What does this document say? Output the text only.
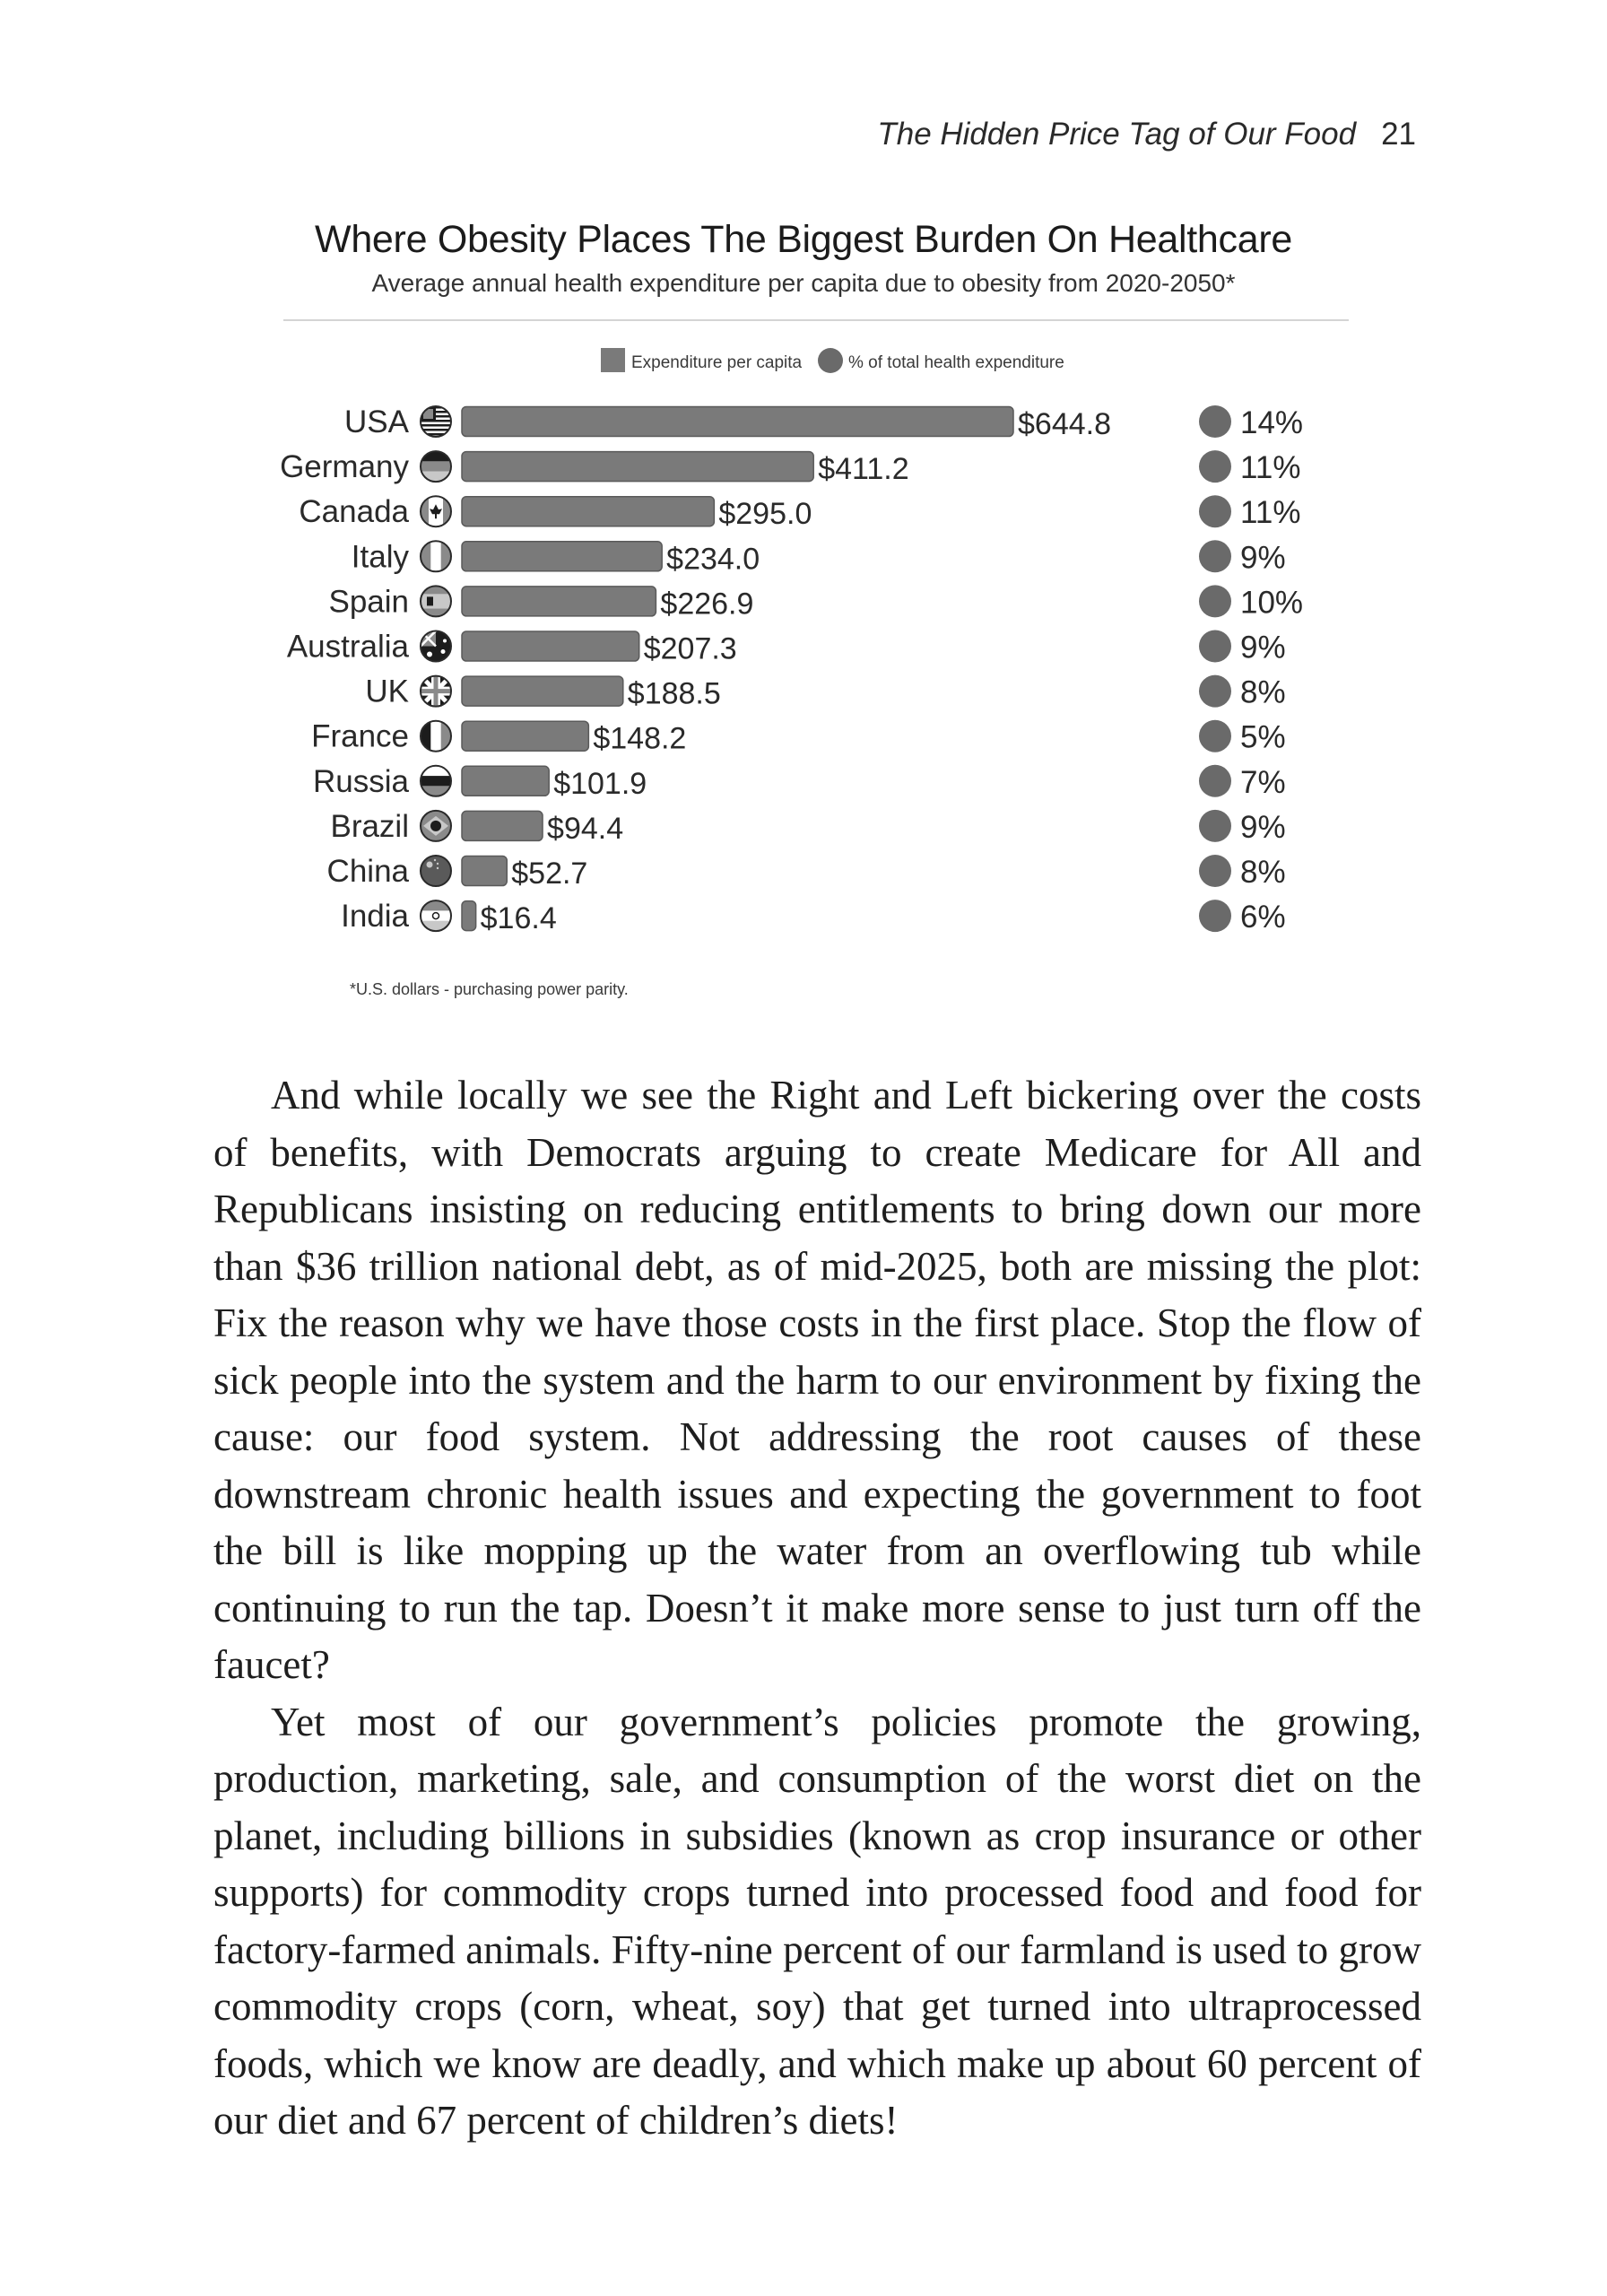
The Hidden Price Tag of Our Food 21
Where Obesity Places The Biggest Burden On Healthcare
Average annual health expenditure per capita due to obesity from 2020-2050*
Expenditure per capita	% of total health expenditure
USA	$644.8	14%
Germany	$411.2	11%
Canada	$295.0	11%
Italy	$234.0	9%
Spain	$226.9	10%
Australia	$207.3	9%
UK	$188.5	8%
France	$148.2	5%
Russia	$101.9	7%
Brazil	$94.4	9%
China	$52.7	8%
India $16.4	6%
*U.S. dollars - purchasing power parity.

And while locally we see the Right and Left bickering over the costs of benefits, with Democrats arguing to create Medicare for All and Republicans insisting on reducing entitlements to bring down our more than $36 trillion national debt, as of mid-2025, both are missing the plot: Fix the reason why we have those costs in the first place. Stop the flow of sick people into the system and the harm to our environment by fixing the cause: our food system. Not addressing the root causes of these downstream chronic health issues and expecting the government to foot the bill is like mopping up the water from an overflowing tub while continuing to run the tap. Doesn’t it make more sense to just turn off the faucet?

Yet most of our government’s policies promote the growing, production, marketing, sale, and consumption of the worst diet on the planet, including billions in subsidies (known as crop insurance or other supports) for commodity crops turned into processed food and food for factory-farmed animals. Fifty-nine percent of our farmland is used to grow commodity crops (corn, wheat, soy) that get turned into ultraprocessed foods, which we know are deadly, and which make up about 60 percent of our diet and 67 percent of children’s diets!
